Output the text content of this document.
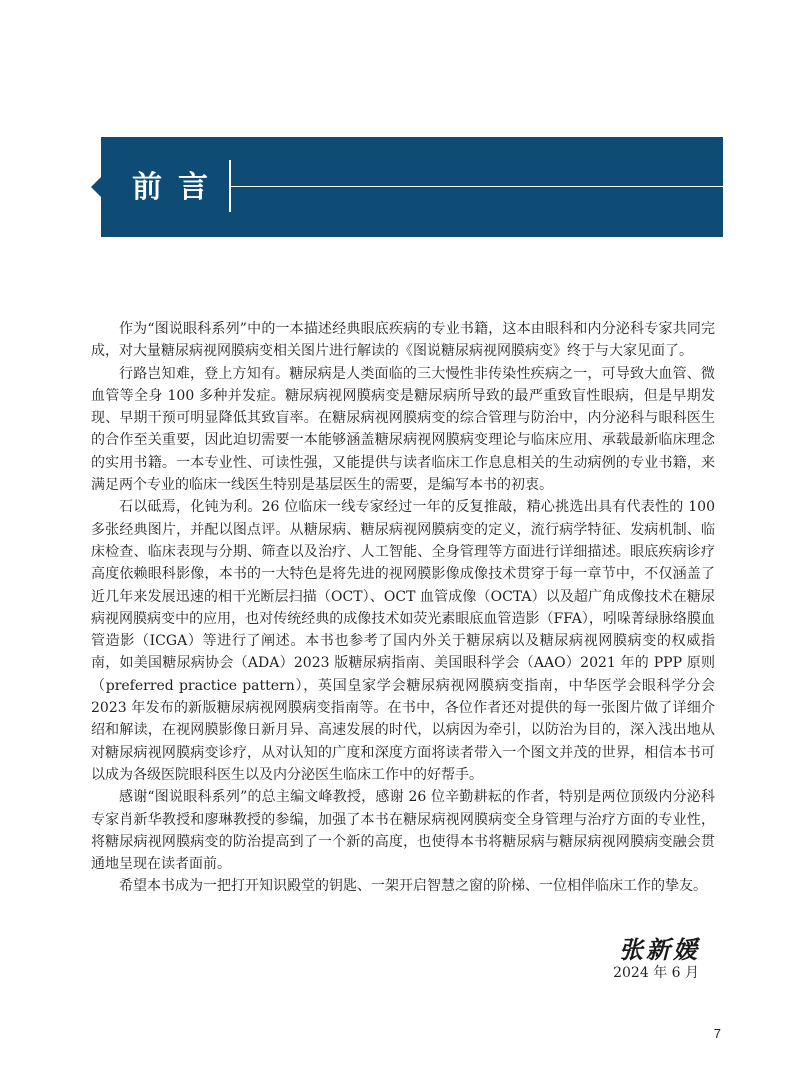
前言

作为“图说眼科系列”中的一本描述经典眼底疾病的专业书籍，这本由眼科和内分泌科专家共同完成，对大量糖尿病视网膜病变相关图片进行解读的《图说糖尿病视网膜病变》终于与大家见面了。

行路岂知难，登上方知有。糖尿病是人类面临的三大慢性非传染性疾病之一，可导致大血管、微血管等全身 100 多种并发症。糖尿病视网膜病变是糖尿病所导致的最严重致盲性眼病，但是早期发现、早期干预可明显降低其致盲率。在糖尿病视网膜病变的综合管理与防治中，内分泌科与眼科医生的合作至关重要，因此迫切需要一本能够涵盖糖尿病视网膜病变理论与临床应用、承载最新临床理念的实用书籍。一本专业性、可读性强，又能提供与读者临床工作息息相关的生动病例的专业书籍，来满足两个专业的临床一线医生特别是基层医生的需要，是编写本书的初衷。

石以砥焉，化钝为利。26 位临床一线专家经过一年的反复推敲，精心挑选出具有代表性的 100 多张经典图片，并配以图点评。从糖尿病、糖尿病视网膜病变的定义，流行病学特征、发病机制、临床检查、临床表现与分期、筛查以及治疗、人工智能、全身管理等方面进行详细描述。眼底疾病诊疗高度依赖眼科影像，本书的一大特色是将先进的视网膜影像成像技术贯穿于每一章节中，不仅涵盖了近几年来发展迅速的相干光断层扫描（OCT）、OCT 血管成像（OCTA）以及超广角成像技术在糖尿病视网膜病变中的应用，也对传统经典的成像技术如荧光素眼底血管造影（FFA），吲哚菁绿脉络膜血管造影（ICGA）等进行了阐述。本书也参考了国内外关于糖尿病以及糖尿病视网膜病变的权威指南，如美国糖尿病协会（ADA）2023 版糖尿病指南、美国眼科学会（AAO）2021 年的 PPP 原则（preferred practice pattern），英国皇家学会糖尿病视网膜病变指南，中华医学会眼科学分会 2023 年发布的新版糖尿病视网膜病变指南等。在书中，各位作者还对提供的每一张图片做了详细介绍和解读，在视网膜影像日新月异、高速发展的时代，以病因为牵引，以防治为目的，深入浅出地从对糖尿病视网膜病变诊疗，从对认知的广度和深度方面将读者带入一个图文并茂的世界，相信本书可以成为各级医院眼科医生以及内分泌医生临床工作中的好帮手。

感谢“图说眼科系列”的总主编文峰教授，感谢 26 位辛勤耕耘的作者，特别是两位顶级内分泌科专家肖新华教授和廖琳教授的参编，加强了本书在糖尿病视网膜病变全身管理与治疗方面的专业性，将糖尿病视网膜病变的防治提高到了一个新的高度，也使得本书将糖尿病与糖尿病视网膜病变融会贯通地呈现在读者面前。

希望本书成为一把打开知识殿堂的钥匙、一架开启智慧之窗的阶梯、一位相伴临床工作的挚友。

张新媛
2024 年 6 月
7
